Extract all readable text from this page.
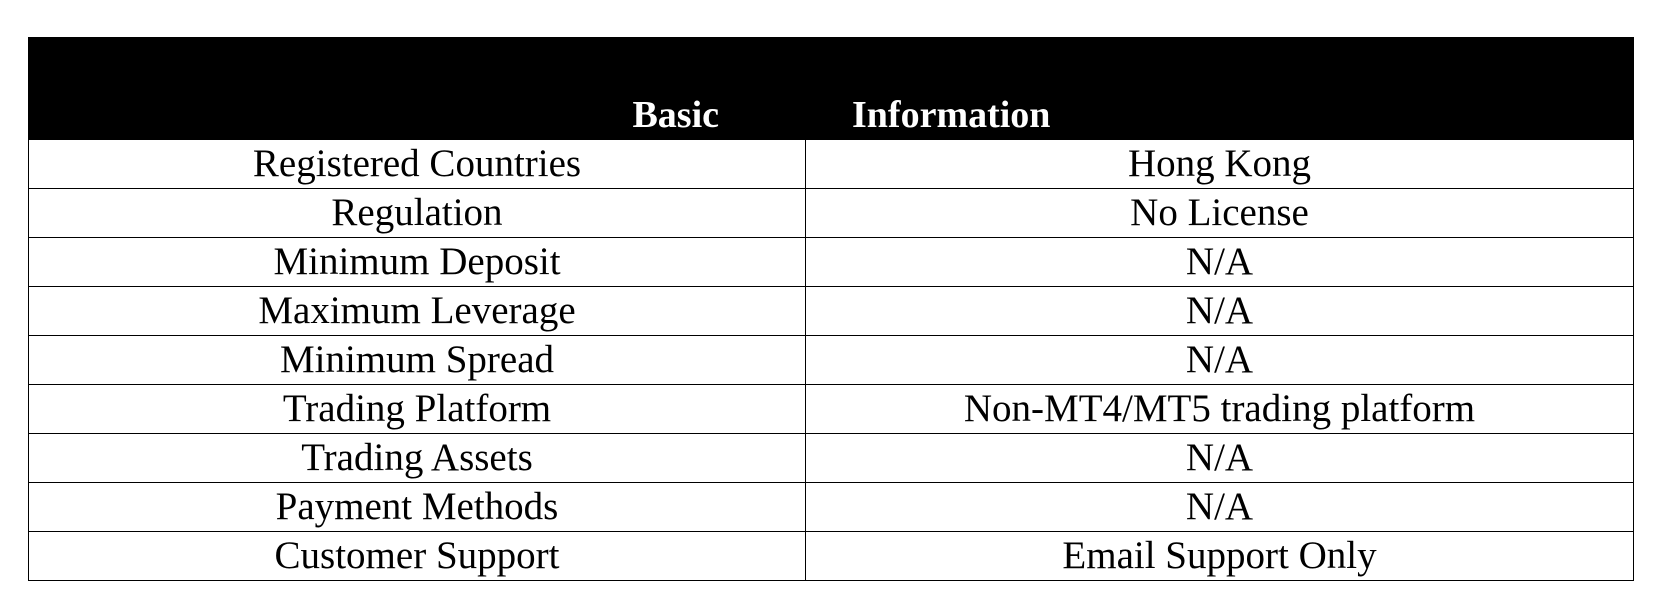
Basic	Information
Registered Countries	Hong Kong
Regulation	No License
Minimum Deposit	N/A
Maximum Leverage	N/A
Minimum Spread	N/A
Trading Platform	Non-MT4/MT5 trading platform
Trading Assets	N/A
Payment Methods	N/A
Customer Support	Email Support Only
